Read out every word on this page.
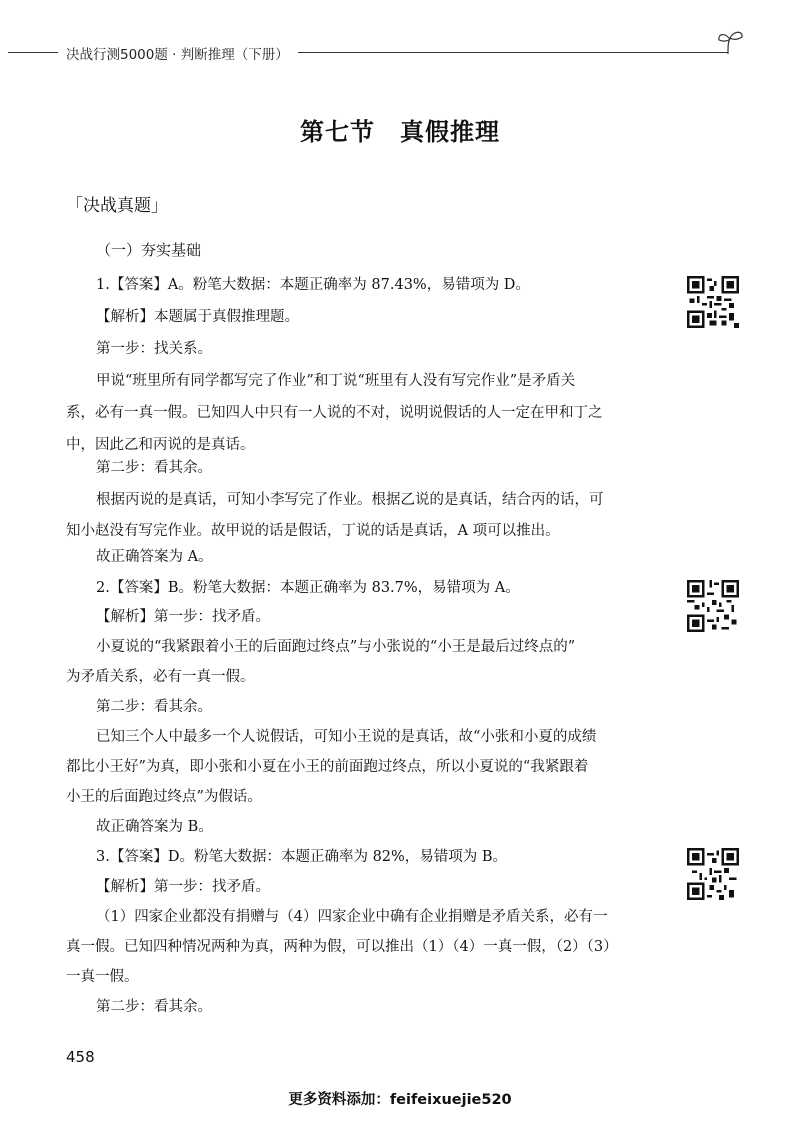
决战行测5000题 · 判断推理（下册）
第七节　真假推理
「决战真题」
（一）夯实基础
1.【答案】A。粉笔大数据：本题正确率为 87.43%，易错项为 D。
【解析】本题属于真假推理题。
第一步：找关系。
甲说“班里所有同学都写完了作业”和丁说“班里有人没有写完作业”是矛盾关
系，必有一真一假。已知四人中只有一人说的不对，说明说假话的人一定在甲和丁之
中，因此乙和丙说的是真话。
第二步：看其余。
根据丙说的是真话，可知小李写完了作业。根据乙说的是真话，结合丙的话，可
知小赵没有写完作业。故甲说的话是假话，丁说的话是真话，A 项可以推出。
故正确答案为 A。
2.【答案】B。粉笔大数据：本题正确率为 83.7%，易错项为 A。
【解析】第一步：找矛盾。
小夏说的“我紧跟着小王的后面跑过终点”与小张说的“小王是最后过终点的”
为矛盾关系，必有一真一假。
第二步：看其余。
已知三个人中最多一个人说假话，可知小王说的是真话，故“小张和小夏的成绩
都比小王好”为真，即小张和小夏在小王的前面跑过终点，所以小夏说的“我紧跟着
小王的后面跑过终点”为假话。
故正确答案为 B。
3.【答案】D。粉笔大数据：本题正确率为 82%，易错项为 B。
【解析】第一步：找矛盾。
（1）四家企业都没有捐赠与（4）四家企业中确有企业捐赠是矛盾关系，必有一
真一假。已知四种情况两种为真，两种为假，可以推出（1）（4）一真一假，（2）（3）
一真一假。
第二步：看其余。
458
更多资料添加：feifeixuejie520
